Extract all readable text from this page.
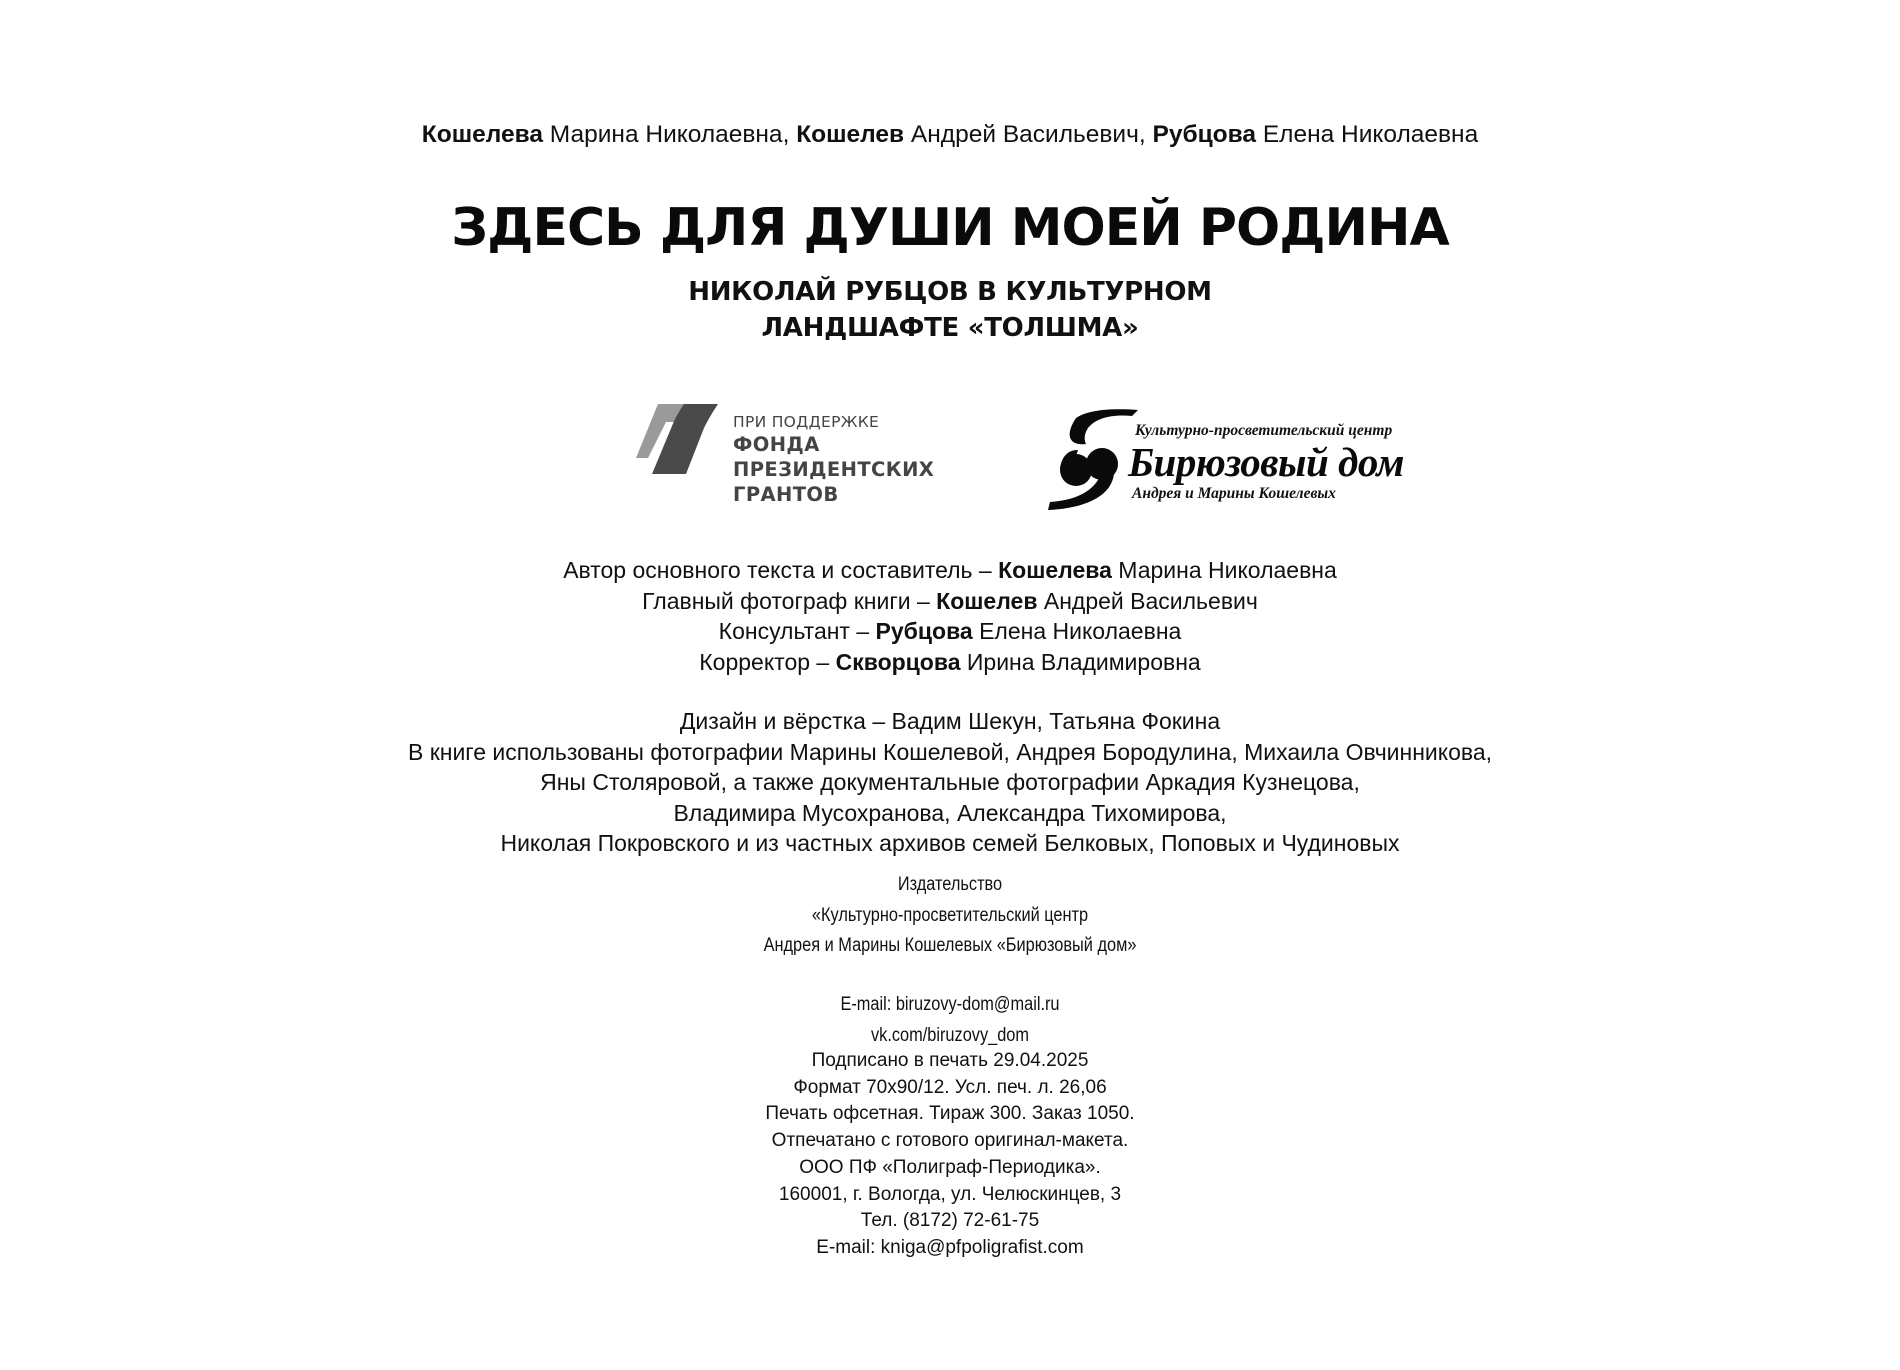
Кошелева Марина Николаевна, Кошелев Андрей Васильевич, Рубцова Елена Николаевна
ЗДЕСЬ ДЛЯ ДУШИ МОЕЙ РОДИНА
НИКОЛАЙ РУБЦОВ В КУЛЬТУРНОМ
ЛАНДШАФТЕ «ТОЛШМА»
ПРИ ПОДДЕРЖКЕ
ФОНДА
ПРЕЗИДЕНТСКИХ
ГРАНТОВ
Культурно-просветительский центр
Бирюзовый дом
Андрея и Марины Кошелевых
Автор основного текста и составитель – Кошелева Марина Николаевна
Главный фотограф книги – Кошелев Андрей Васильевич
Консультант – Рубцова Елена Николаевна
Корректор – Скворцова Ирина Владимировна
Дизайн и вёрстка – Вадим Шекун, Татьяна Фокина
В книге использованы фотографии Марины Кошелевой, Андрея Бородулина, Михаила Овчинникова,
Яны Столяровой, а также документальные фотографии Аркадия Кузнецова,
Владимира Мусохранова, Александра Тихомирова,
Николая Покровского и из частных архивов семей Белковых, Поповых и Чудиновых
Издательство
«Культурно-просветительский центр
Андрея и Марины Кошелевых «Бирюзовый дом»
E-mail: biruzovy-dom@mail.ru
vk.com/biruzovy_dom
Подписано в печать 29.04.2025
Формат 70х90/12. Усл. печ. л. 26,06
Печать офсетная. Тираж 300. Заказ 1050.
Отпечатано с готового оригинал-макета.
ООО ПФ «Полиграф-Периодика».
160001, г. Вологда, ул. Челюскинцев, 3
Тел. (8172) 72-61-75
E-mail: kniga@pfpoligrafist.com
